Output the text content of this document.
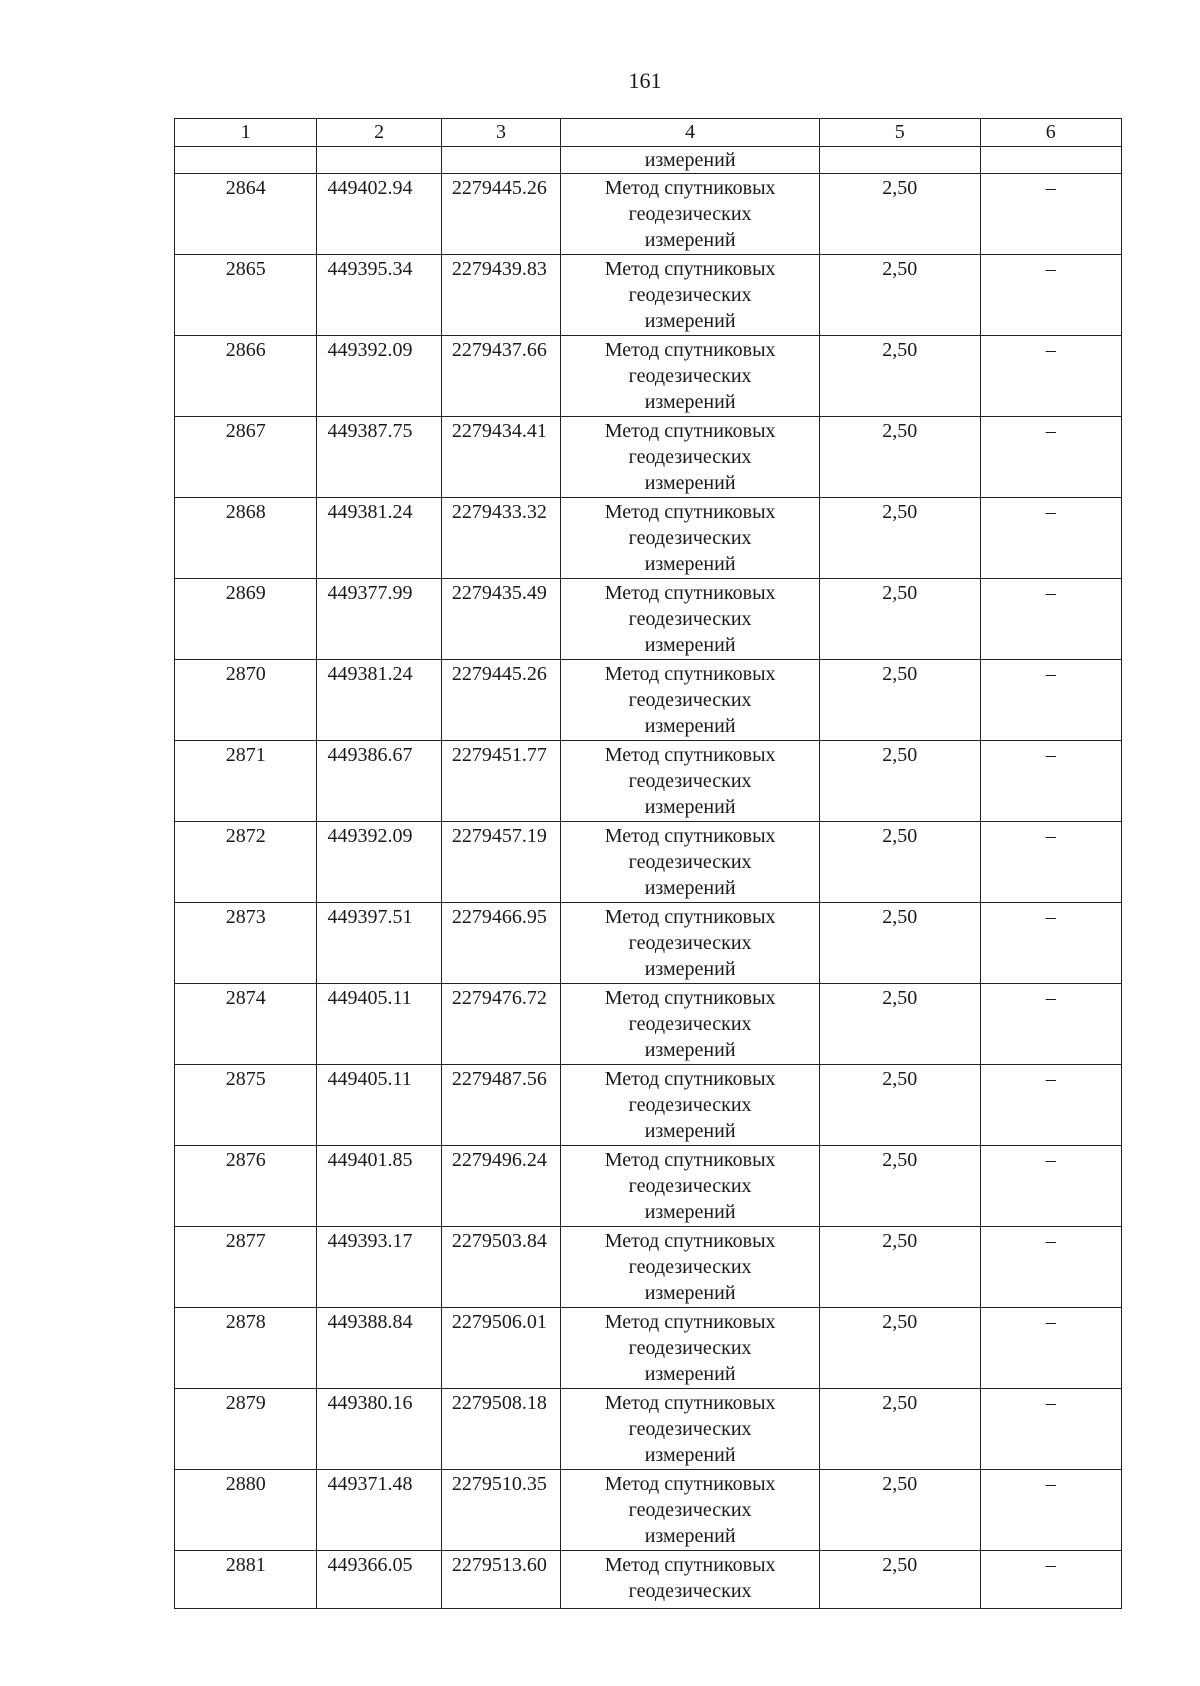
161
1	2	3	4	5	6
			измерений		
2864	449402.94	2279445.26	Метод спутниковых
геодезических
измерений	2,50	–
2865	449395.34	2279439.83	Метод спутниковых
геодезических
измерений	2,50	–
2866	449392.09	2279437.66	Метод спутниковых
геодезических
измерений	2,50	–
2867	449387.75	2279434.41	Метод спутниковых
геодезических
измерений	2,50	–
2868	449381.24	2279433.32	Метод спутниковых
геодезических
измерений	2,50	–
2869	449377.99	2279435.49	Метод спутниковых
геодезических
измерений	2,50	–
2870	449381.24	2279445.26	Метод спутниковых
геодезических
измерений	2,50	–
2871	449386.67	2279451.77	Метод спутниковых
геодезических
измерений	2,50	–
2872	449392.09	2279457.19	Метод спутниковых
геодезических
измерений	2,50	–
2873	449397.51	2279466.95	Метод спутниковых
геодезических
измерений	2,50	–
2874	449405.11	2279476.72	Метод спутниковых
геодезических
измерений	2,50	–
2875	449405.11	2279487.56	Метод спутниковых
геодезических
измерений	2,50	–
2876	449401.85	2279496.24	Метод спутниковых
геодезических
измерений	2,50	–
2877	449393.17	2279503.84	Метод спутниковых
геодезических
измерений	2,50	–
2878	449388.84	2279506.01	Метод спутниковых
геодезических
измерений	2,50	–
2879	449380.16	2279508.18	Метод спутниковых
геодезических
измерений	2,50	–
2880	449371.48	2279510.35	Метод спутниковых
геодезических
измерений	2,50	–
2881	449366.05	2279513.60	Метод спутниковых
геодезических	2,50	–
